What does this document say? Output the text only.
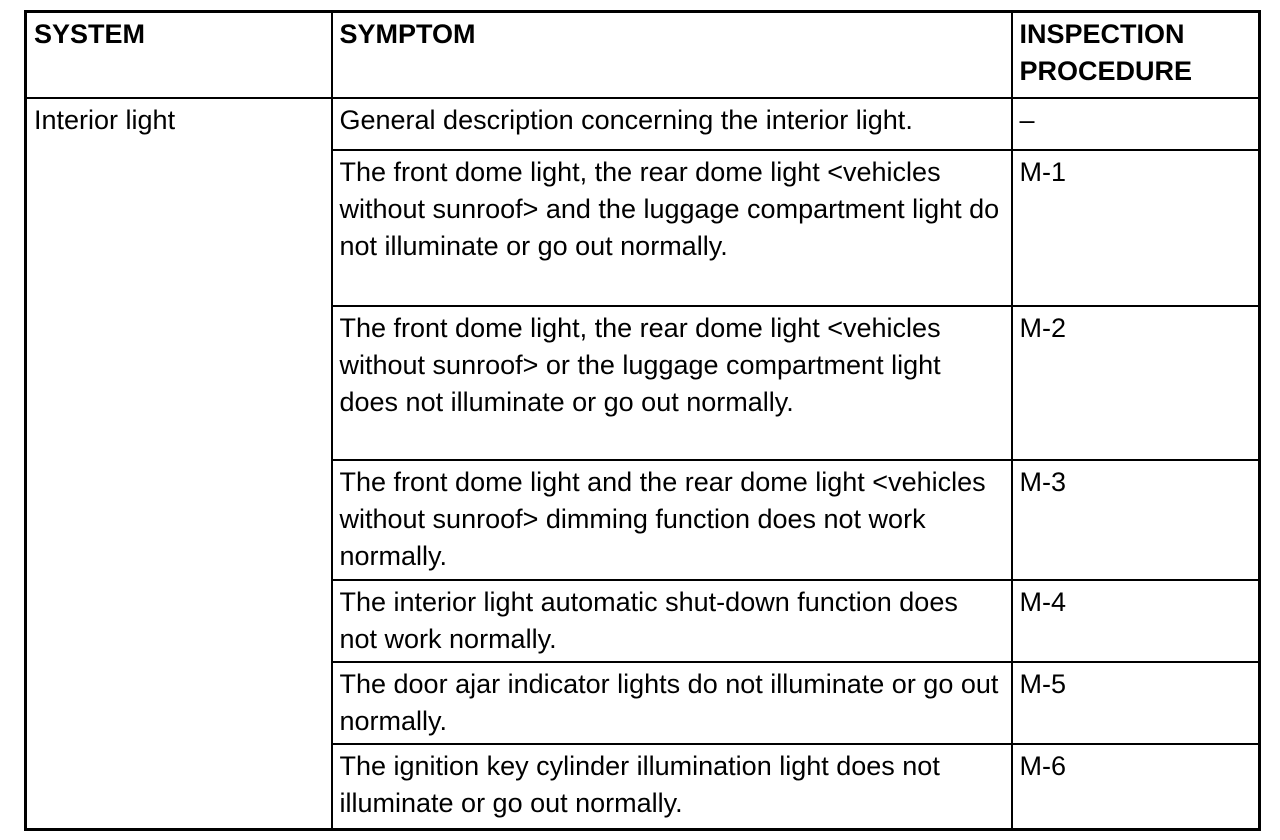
SYSTEM	SYMPTOM	INSPECTION PROCEDURE
Interior light	General description concerning the interior light.	–
	The front dome light, the rear dome light <vehicles without sunroof> and the luggage compartment light do not illuminate or go out normally.	M-1
	The front dome light, the rear dome light <vehicles without sunroof> or the luggage compartment light does not illuminate or go out normally.	M-2
	The front dome light and the rear dome light <vehicles without sunroof> dimming function does not work normally.	M-3
	The interior light automatic shut-down function does not work normally.	M-4
	The door ajar indicator lights do not illuminate or go out normally.	M-5
	The ignition key cylinder illumination light does not illuminate or go out normally.	M-6
